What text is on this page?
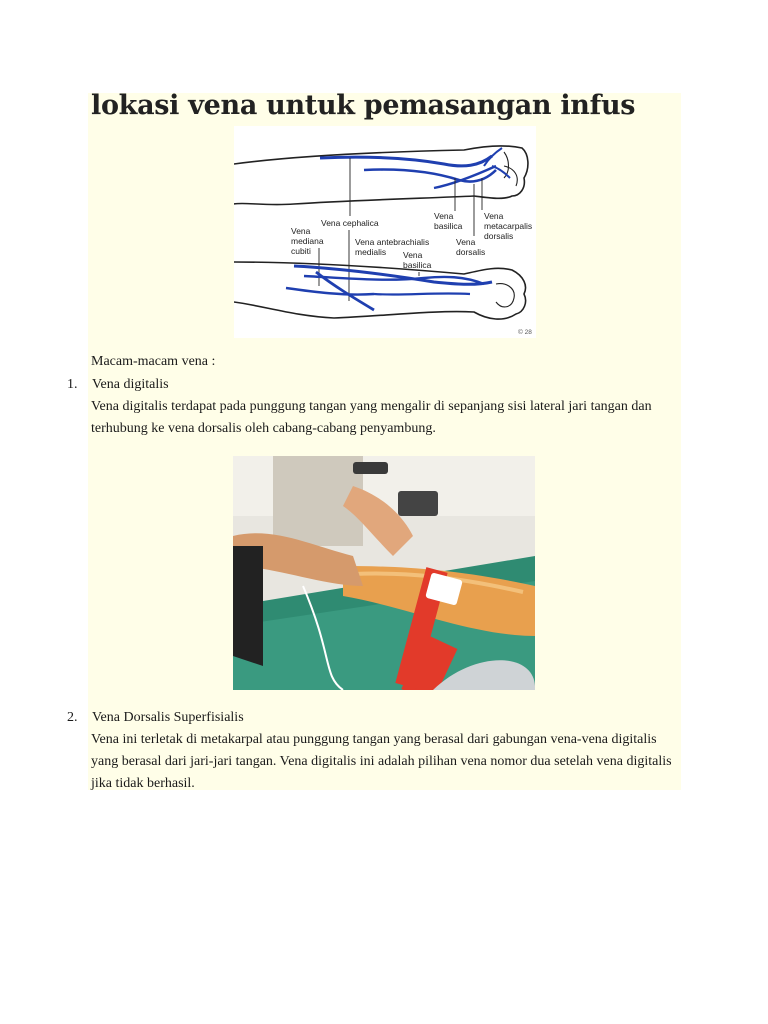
lokasi vena untuk pemasangan infus
Vena cephalica
Vena
mediana
cubiti
Vena antebrachialis
medialis
Vena
basilica
Vena
metacarpalis
dorsalis
Vena
dorsalis
Vena
basilica
© 28
Macam-macam vena :
1. Vena digitalis
Vena digitalis terdapat pada punggung tangan yang mengalir di sepanjang sisi lateral jari tangan dan terhubung ke vena dorsalis oleh cabang-cabang penyambung.
2. Vena Dorsalis Superfisialis
Vena ini terletak di metakarpal atau punggung tangan yang berasal dari gabungan vena-vena digitalis yang berasal dari jari-jari tangan. Vena digitalis ini adalah pilihan vena nomor dua setelah vena digitalis jika tidak berhasil.
